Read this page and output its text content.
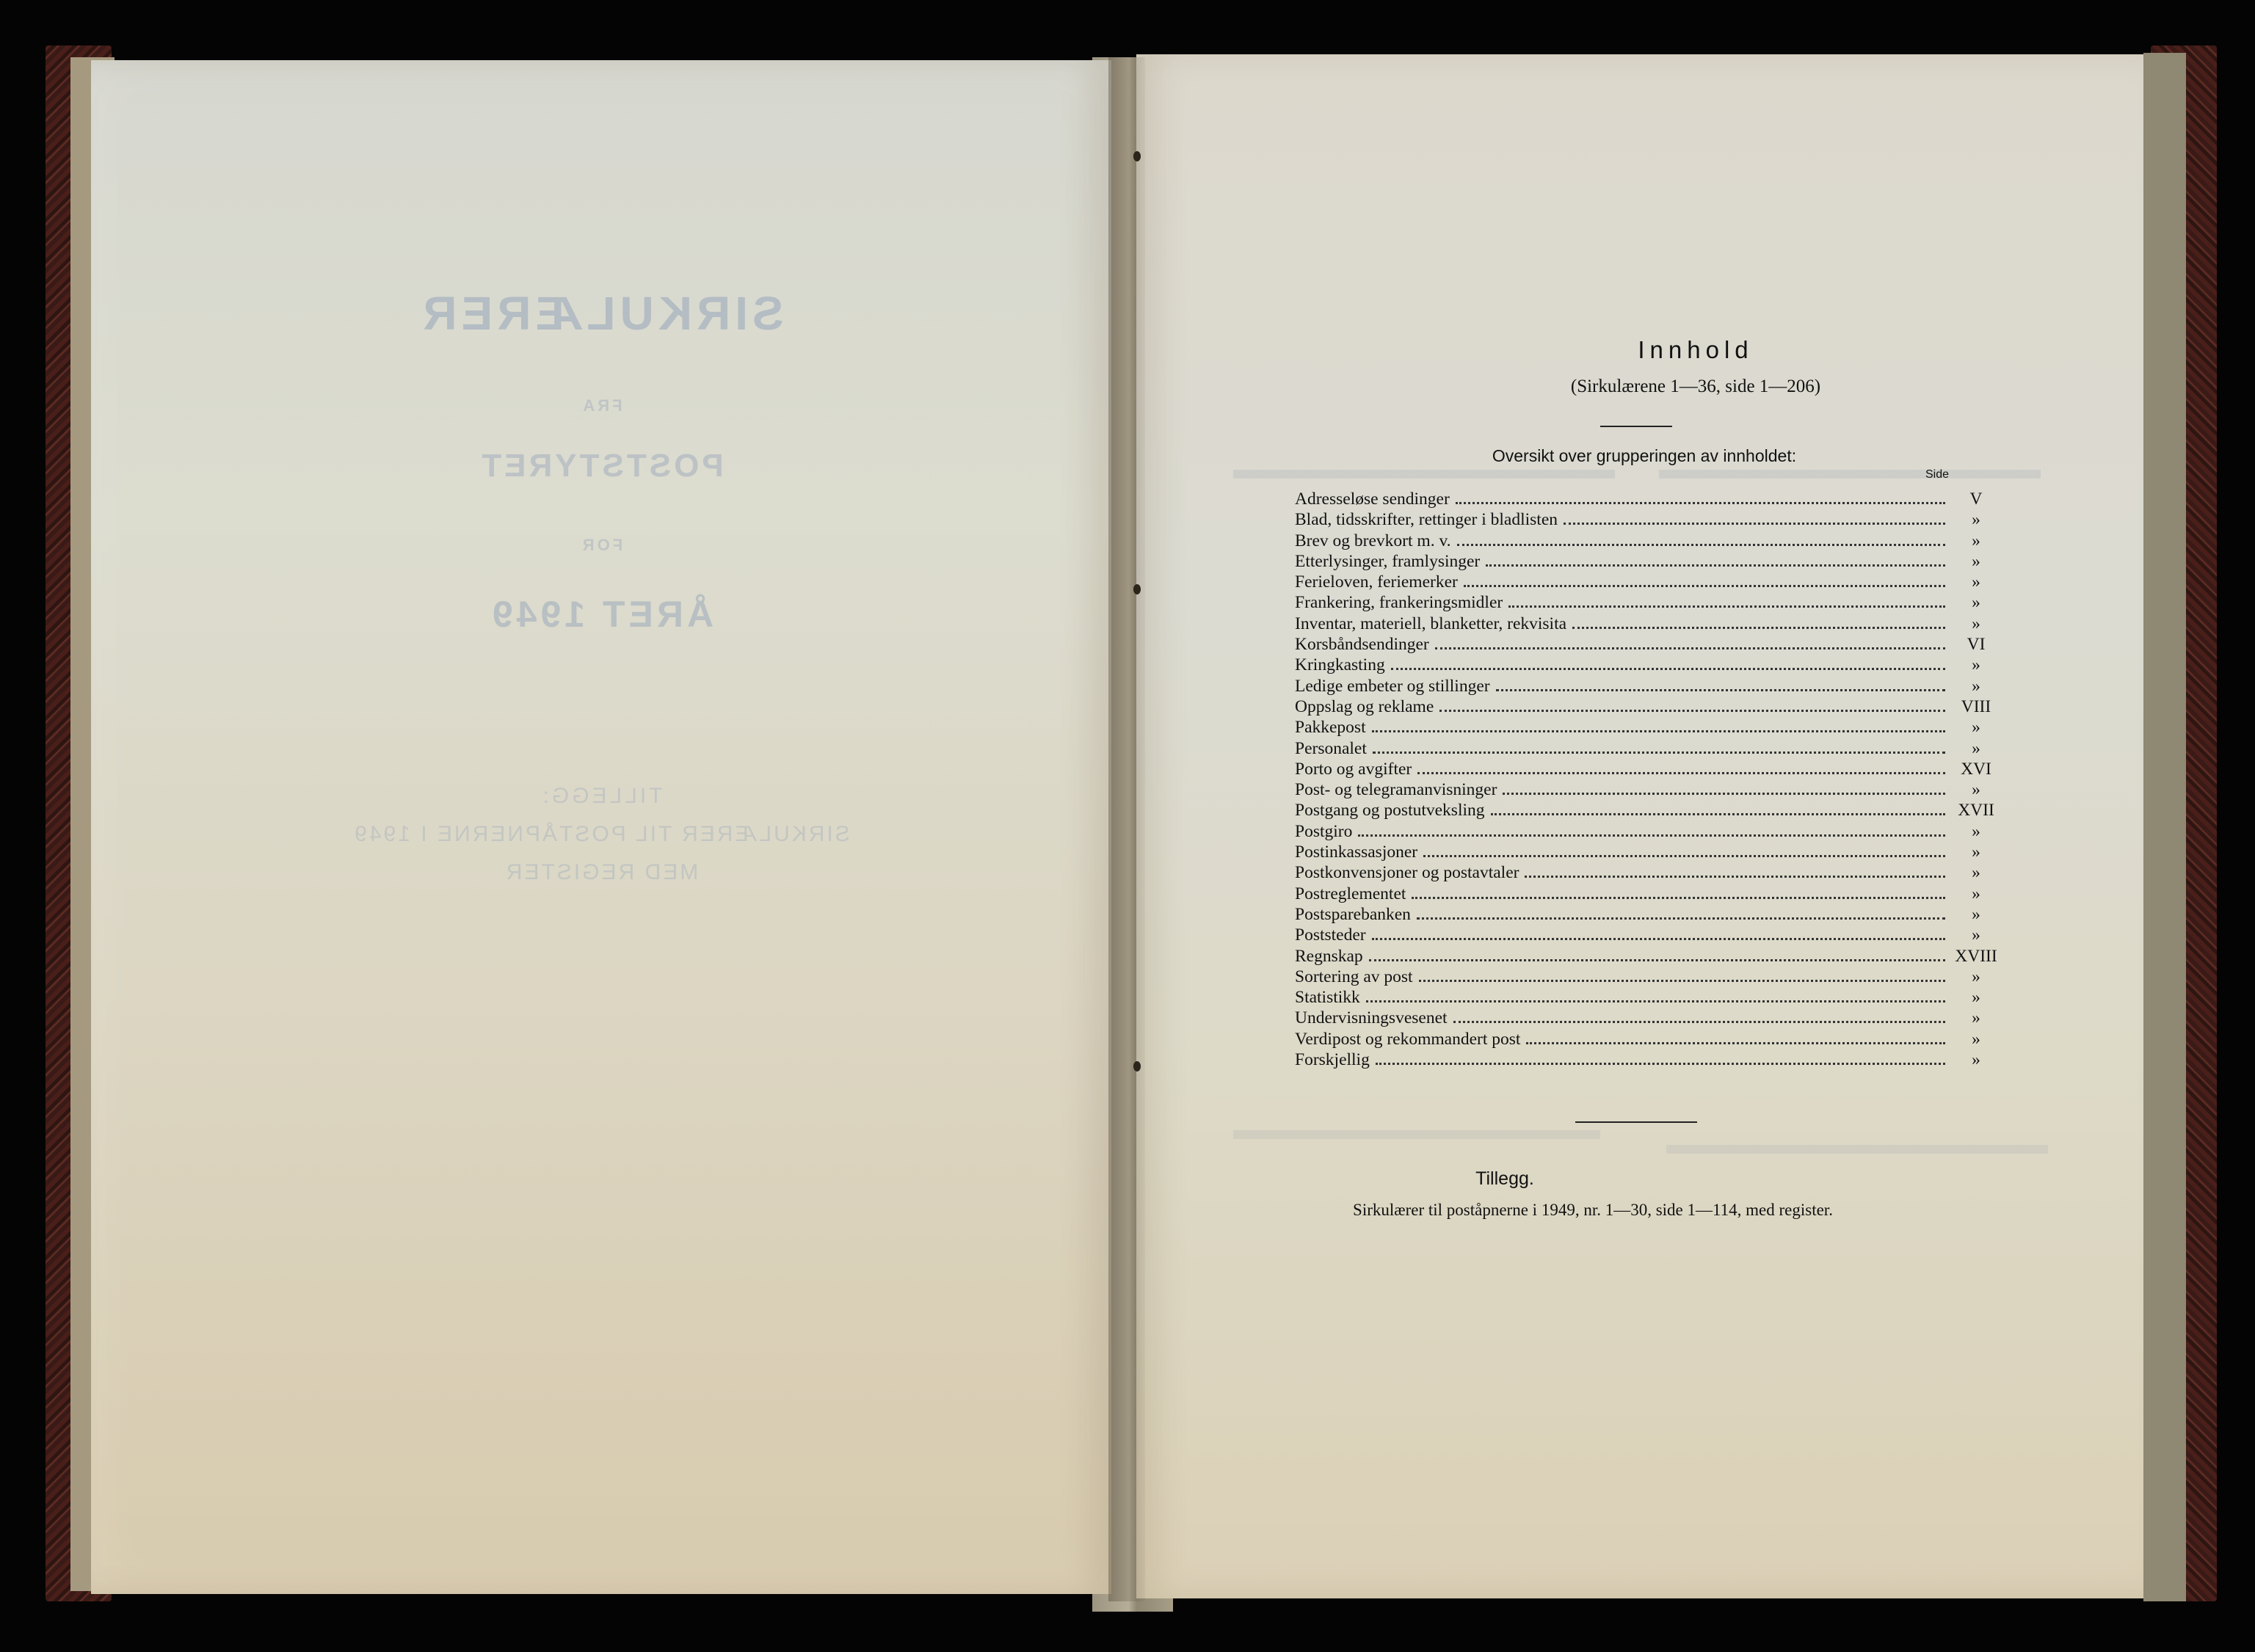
SIRKULÆRER
FRA
POSTSTYRET
FOR
ÅRET 1949
TILLEGG:
SIRKULÆRER TIL POSTÅPNERNE I 1949
MED REGISTER
Innhold
(Sirkulærene 1—36, side 1—206)
Oversikt over grupperingen av innholdet:
Side
Adresseløse sendinger	V
Blad, tidsskrifter, rettinger i bladlisten	»
Brev og brevkort m. v.	»
Etterlysinger, framlysinger	»
Ferieloven, feriemerker	»
Frankering, frankeringsmidler	»
Inventar, materiell, blanketter, rekvisita	»
Korsbåndsendinger	VI
Kringkasting	»
Ledige embeter og stillinger	»
Oppslag og reklame	VIII
Pakkepost	»
Personalet	»
Porto og avgifter	XVI
Post- og telegramanvisninger	»
Postgang og postutveksling	XVII
Postgiro	»
Postinkassasjoner	»
Postkonvensjoner og postavtaler	»
Postreglementet	»
Postsparebanken	»
Poststeder	»
Regnskap	XVIII
Sortering av post	»
Statistikk	»
Undervisningsvesenet	»
Verdipost og rekommandert post	»
Forskjellig	»
Tillegg.
Sirkulærer til poståpnerne i 1949, nr. 1—30, side 1—114, med register.
